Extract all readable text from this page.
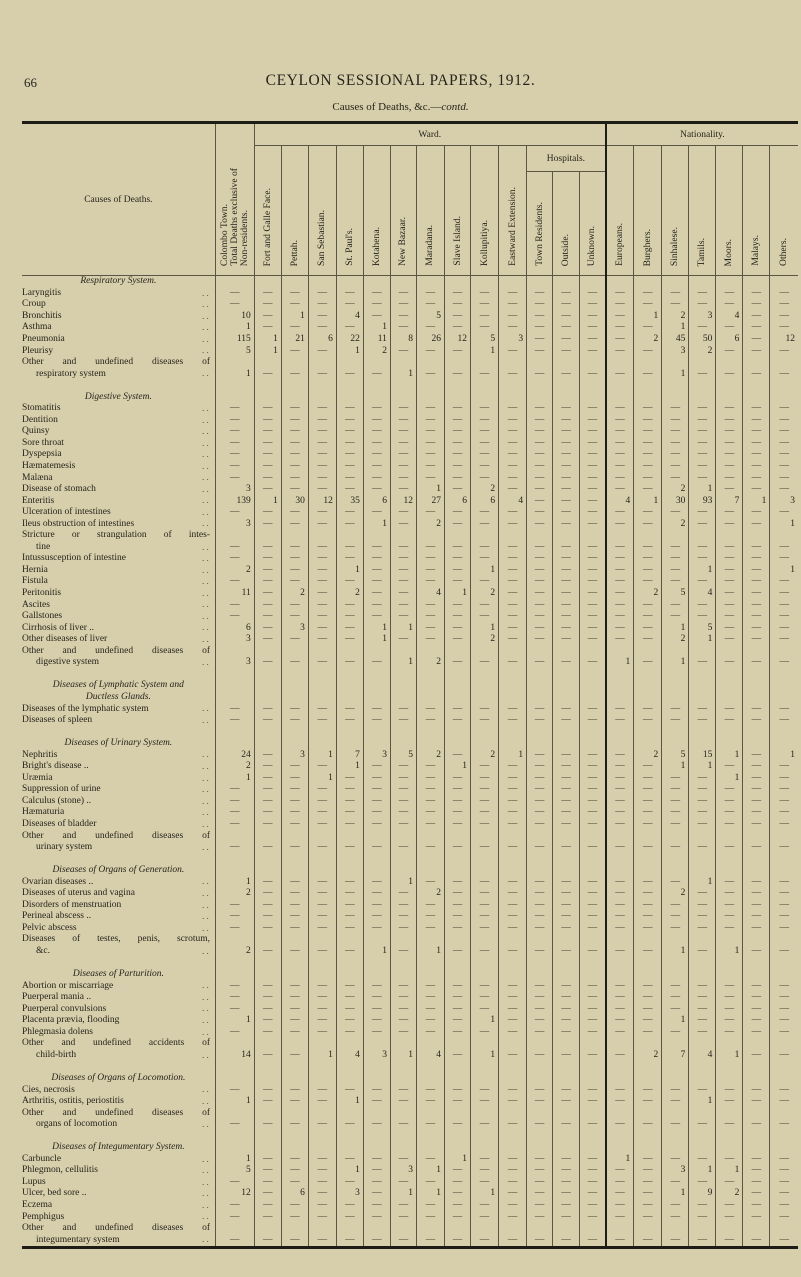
66	CEYLON SESSIONAL PAPERS, 1912.
Causes of Deaths, &c.—contd.
Causes of Deaths.	Colombo Town.Total Deaths exclusive ofNon-residents.	Ward.													Nationality.						
		Fort and Galle Face.	Pettah.	San Sebastian.	St. Paul's.	Kotahena.	New Bazaar.	Maradana.	Slave Island.	Kollupitiya.	Eastward Extension.	Hospitals.			Europeans.	Burghers.	Sinhalese.	Tamils.	Moors.	Malays.	Others.
												Town Residents.	Outside.	Unknown.							
Respiratory System.																					
Laryngitis . .	—	—	—	—	—	—	—	—	—	—	—	—	—	—	—	—	—	—	—	—	—
Croup . .	—	—	—	—	—	—	—	—	—	—	—	—	—	—	—	—	—	—	—	—	—
Bronchitis . .	10	—	1	—	4	—	—	5	—	—	—	—	—	—	—	1	2	3	4	—	—
Asthma . .	1	—	—	—	—	1	—	—	—	—	—	—	—	—	—	—	1	—	—	—	—
Pneumonia . .	115	1	21	6	22	11	8	26	12	5	3	—	—	—	—	2	45	50	6	—	12
Pleurisy . .	5	1	—	—	1	2	—	—	—	1	—	—	—	—	—	—	3	2	—	—	—
Other and undefined diseases of																					
respiratory system . .	1	—	—	—	—	—	1	—	—	—	—	—	—	—	—	—	1	—	—	—	—

Digestive System.																					
Stomatitis . .	—	—	—	—	—	—	—	—	—	—	—	—	—	—	—	—	—	—	—	—	—
Dentition . .	—	—	—	—	—	—	—	—	—	—	—	—	—	—	—	—	—	—	—	—	—
Quinsy . .	—	—	—	—	—	—	—	—	—	—	—	—	—	—	—	—	—	—	—	—	—
Sore throat . .	—	—	—	—	—	—	—	—	—	—	—	—	—	—	—	—	—	—	—	—	—
Dyspepsia . .	—	—	—	—	—	—	—	—	—	—	—	—	—	—	—	—	—	—	—	—	—
Hæmatemesis . .	—	—	—	—	—	—	—	—	—	—	—	—	—	—	—	—	—	—	—	—	—
Malæna . .	—	—	—	—	—	—	—	—	—	—	—	—	—	—	—	—	—	—	—	—	—
Disease of stomach . .	3	—	—	—	—	—	—	1	—	2	—	—	—	—	—	—	2	1	—	—	—
Enteritis . .	139	1	30	12	35	6	12	27	6	6	4	—	—	—	4	1	30	93	7	1	3
Ulceration of intestines . .	—	—	—	—	—	—	—	—	—	—	—	—	—	—	—	—	—	—	—	—	—
Ileus obstruction of intestines . .	3	—	—	—	—	1	—	2	—	—	—	—	—	—	—	—	2	—	—	—	1
Stricture or strangulation of intes-																					
tine . .	—	—	—	—	—	—	—	—	—	—	—	—	—	—	—	—	—	—	—	—	—
Intussusception of intestine . .	—	—	—	—	—	—	—	—	—	—	—	—	—	—	—	—	—	—	—	—	—
Hernia . .	2	—	—	—	1	—	—	—	—	1	—	—	—	—	—	—	—	1	—	—	1
Fistula . .	—	—	—	—	—	—	—	—	—	—	—	—	—	—	—	—	—	—	—	—	—
Peritonitis . .	11	—	2	—	2	—	—	4	1	2	—	—	—	—	—	2	5	4	—	—	—
Ascites . .	—	—	—	—	—	—	—	—	—	—	—	—	—	—	—	—	—	—	—	—	—
Gallstones . .	—	—	—	—	—	—	—	—	—	—	—	—	—	—	—	—	—	—	—	—	—
Cirrhosis of liver .. . .	6	—	3	—	—	1	1	—	—	1	—	—	—	—	—	—	1	5	—	—	—
Other diseases of liver . .	3	—	—	—	—	1	—	—	—	2	—	—	—	—	—	—	2	1	—	—	—
Other and undefined diseases of																					
digestive system . .	3	—	—	—	—	—	1	2	—	—	—	—	—	—	1	—	1	—	—	—	—

Diseases of Lymphatic System and																					
Ductless Glands.																					
Diseases of the lymphatic system . .	—	—	—	—	—	—	—	—	—	—	—	—	—	—	—	—	—	—	—	—	—
Diseases of spleen . .	—	—	—	—	—	—	—	—	—	—	—	—	—	—	—	—	—	—	—	—	—

Diseases of Urinary System.																					
Nephritis . .	24	—	3	1	7	3	5	2	—	2	1	—	—	—	—	2	5	15	1	—	1
Bright's disease .. . .	2	—	—	—	1	—	—	—	1	—	—	—	—	—	—	—	1	1	—	—	—
Uræmia . .	1	—	—	1	—	—	—	—	—	—	—	—	—	—	—	—	—	—	1	—	—
Suppression of urine . .	—	—	—	—	—	—	—	—	—	—	—	—	—	—	—	—	—	—	—	—	—
Calculus (stone) .. . .	—	—	—	—	—	—	—	—	—	—	—	—	—	—	—	—	—	—	—	—	—
Hæmaturia . .	—	—	—	—	—	—	—	—	—	—	—	—	—	—	—	—	—	—	—	—	—
Diseases of bladder . .	—	—	—	—	—	—	—	—	—	—	—	—	—	—	—	—	—	—	—	—	—
Other and undefined diseases of																					
urinary system . .	—	—	—	—	—	—	—	—	—	—	—	—	—	—	—	—	—	—	—	—	—

Diseases of Organs of Generation.																					
Ovarian diseases .. . .	1	—	—	—	—	—	1	—	—	—	—	—	—	—	—	—	—	1	—	—	—
Diseases of uterus and vagina . .	2	—	—	—	—	—	—	2	—	—	—	—	—	—	—	—	2	—	—	—	—
Disorders of menstruation . .	—	—	—	—	—	—	—	—	—	—	—	—	—	—	—	—	—	—	—	—	—
Perineal abscess .. . .	—	—	—	—	—	—	—	—	—	—	—	—	—	—	—	—	—	—	—	—	—
Pelvic abscess . .	—	—	—	—	—	—	—	—	—	—	—	—	—	—	—	—	—	—	—	—	—
Diseases of testes, penis, scrotum,																					
&c. . .	2	—	—	—	—	1	—	1	—	—	—	—	—	—	—	—	1	—	1	—	—

Diseases of Parturition.																					
Abortion or miscarriage . .	—	—	—	—	—	—	—	—	—	—	—	—	—	—	—	—	—	—	—	—	—
Puerperal mania .. . .	—	—	—	—	—	—	—	—	—	—	—	—	—	—	—	—	—	—	—	—	—
Puerperal convulsions . .	—	—	—	—	—	—	—	—	—	—	—	—	—	—	—	—	—	—	—	—	—
Placenta prævia, flooding . .	1	—	—	—	—	—	—	—	—	1	—	—	—	—	—	—	1	—	—	—	—
Phlegmasia dolens . .	—	—	—	—	—	—	—	—	—	—	—	—	—	—	—	—	—	—	—	—	—
Other and undefined accidents of																					
child-birth . .	14	—	—	1	4	3	1	4	—	1	—	—	—	—	—	2	7	4	1	—	—

Diseases of Organs of Locomotion.																					
Cies, necrosis . .	—	—	—	—	—	—	—	—	—	—	—	—	—	—	—	—	—	—	—	—	—
Arthritis, ostitis, periostitis . .	1	—	—	—	1	—	—	—	—	—	—	—	—	—	—	—	—	1	—	—	—
Other and undefined diseases of																					
organs of locomotion . .	—	—	—	—	—	—	—	—	—	—	—	—	—	—	—	—	—	—	—	—	—

Diseases of Integumentary System.																					
Carbuncle . .	1	—	—	—	—	—	—	—	1	—	—	—	—	—	1	—	—	—	—	—	—
Phlegmon, cellulitis . .	5	—	—	—	1	—	3	1	—	—	—	—	—	—	—	—	3	1	1	—	—
Lupus . .	—	—	—	—	—	—	—	—	—	—	—	—	—	—	—	—	—	—	—	—	—
Ulcer, bed sore .. . .	12	—	6	—	3	—	1	1	—	1	—	—	—	—	—	—	1	9	2	—	—
Eczema . .	—	—	—	—	—	—	—	—	—	—	—	—	—	—	—	—	—	—	—	—	—
Pemphigus . .	—	—	—	—	—	—	—	—	—	—	—	—	—	—	—	—	—	—	—	—	—
Other and undefined diseases of																					
integumentary system . .	—	—	—	—	—	—	—	—	—	—	—	—	—	—	—	—	—	—	—	—	—
